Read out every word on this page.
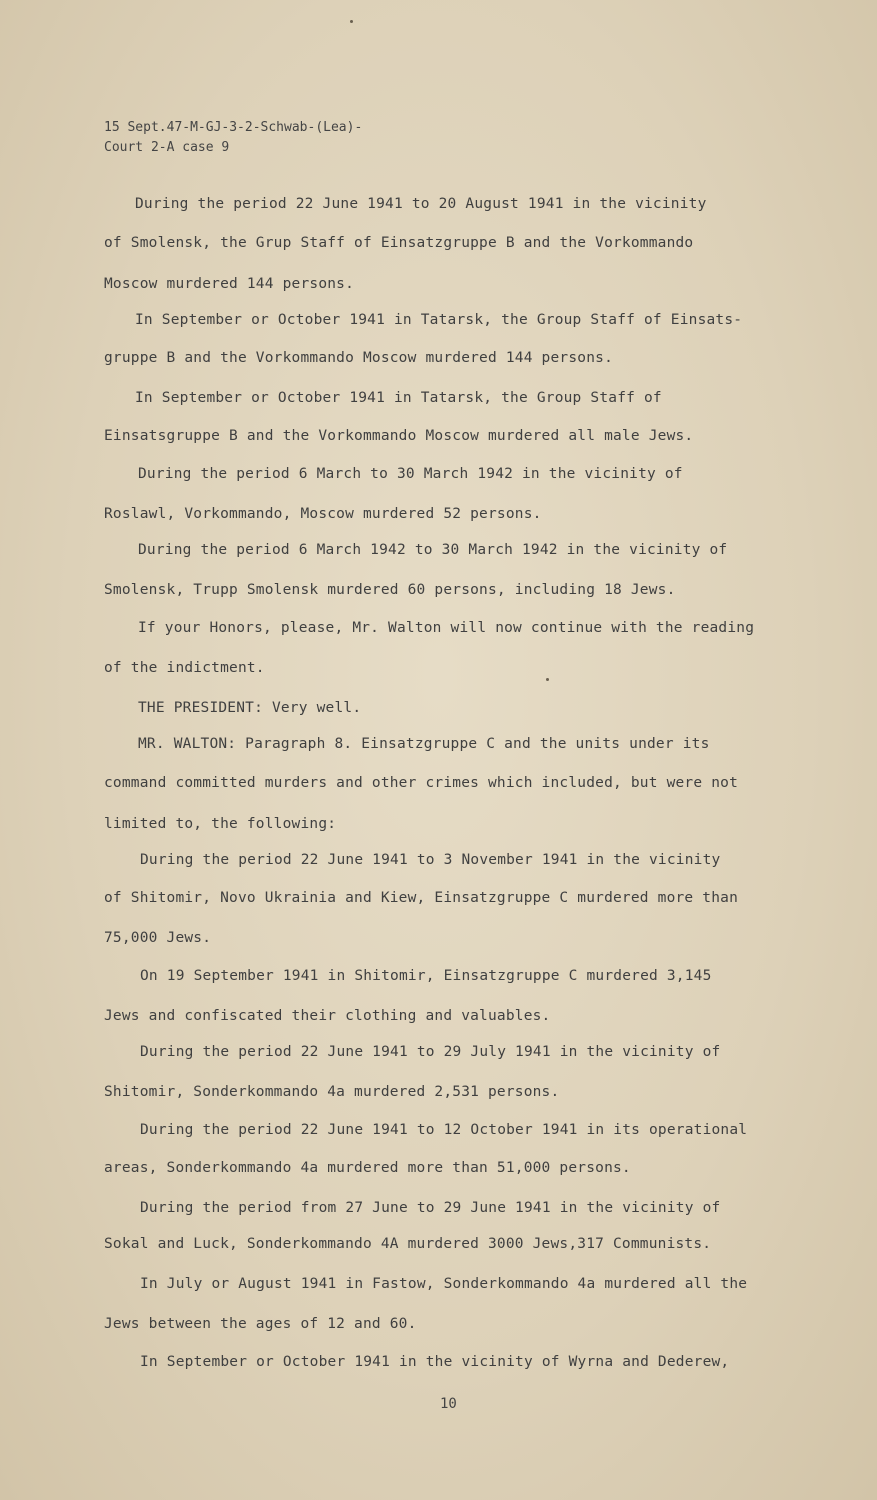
15 Sept.47-M-GJ-3-2-Schwab-(Lea)-
Court 2-A case 9
During the period 22 June 1941 to 20 August 1941 in the vicinity
of Smolensk, the Grup Staff of Einsatzgruppe B and the Vorkommando
Moscow murdered 144 persons.
In September or October 1941 in Tatarsk, the Group Staff of Einsats-
gruppe B and the Vorkommando Moscow murdered 144 persons.
In September or October 1941 in Tatarsk, the Group Staff of
Einsatsgruppe B and the Vorkommando Moscow murdered all male Jews.
During the period 6 March to 30 March 1942 in the vicinity of
Roslawl, Vorkommando, Moscow murdered 52 persons.
During the period 6 March 1942 to 30 March 1942 in the vicinity of
Smolensk, Trupp Smolensk murdered 60 persons, including 18 Jews.
If your Honors, please, Mr. Walton will now continue with the reading
of the indictment.
THE PRESIDENT: Very well.
MR. WALTON: Paragraph 8. Einsatzgruppe C and the units under its
command committed murders and other crimes which included, but were not
limited to, the following:
During the period 22 June 1941 to 3 November 1941 in the vicinity
of Shitomir, Novo Ukrainia and Kiew, Einsatzgruppe C murdered more than
75,000 Jews.
On 19 September 1941 in Shitomir, Einsatzgruppe C murdered 3,145
Jews and confiscated their clothing and valuables.
During the period 22 June 1941 to 29 July 1941 in the vicinity of
Shitomir, Sonderkommando 4a murdered 2,531 persons.
During the period 22 June 1941 to 12 October 1941 in its operational
areas, Sonderkommando 4a murdered more than 51,000 persons.
During the period from 27 June to 29 June 1941 in the vicinity of
Sokal and Luck, Sonderkommando 4A murdered 3000 Jews,317 Communists.
In July or August 1941 in Fastow, Sonderkommando 4a murdered all the
Jews between the ages of 12 and 60.
In September or October 1941 in the vicinity of Wyrna and Dederew,
10
